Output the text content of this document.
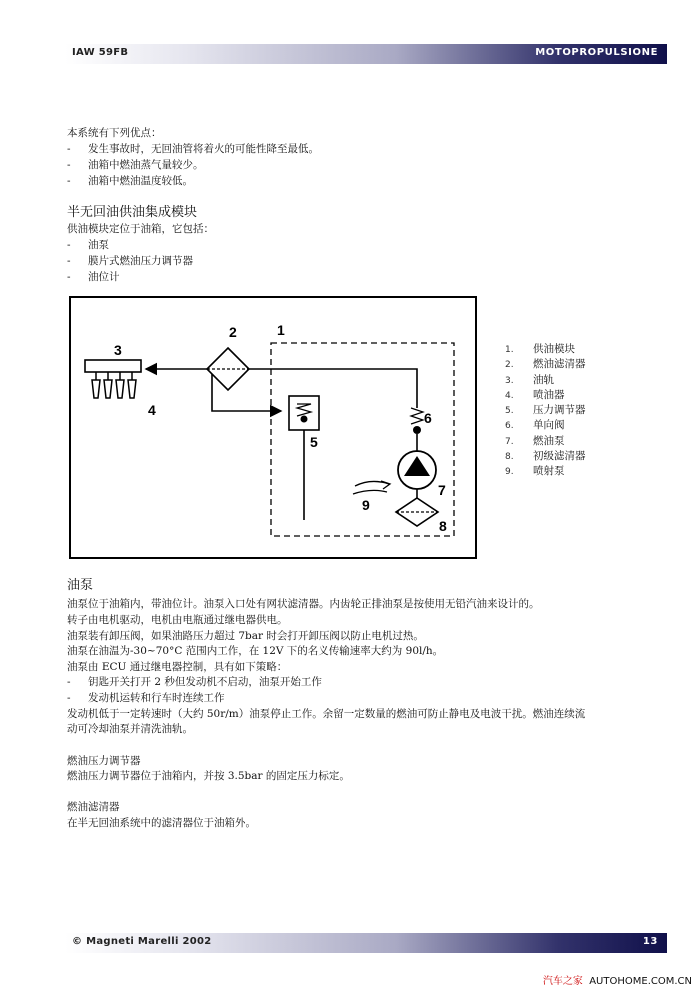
IAW 59FB	MOTOPROPULSIONE
本系统有下列优点：
- 发生事故时，无回油管将着火的可能性降至最低。
- 油箱中燃油蒸气量较少。
- 油箱中燃油温度较低。
半无回油供油集成模块
供油模块定位于油箱，它包括：
- 油泵
- 膜片式燃油压力调节器
- 油位计
3
4
2	1
5
6
7
8
9
1. 供油模块
2. 燃油滤清器
3. 油轨
4. 喷油器
5. 压力调节器
6. 单向阀
7. 燃油泵
8. 初级滤清器
9. 喷射泵
油泵
油泵位于油箱内，带油位计。油泵入口处有网状滤清器。内齿轮正排油泵是按使用无铅汽油来设计的。
转子由电机驱动，电机由电瓶通过继电器供电。
油泵装有卸压阀，如果油路压力超过 7bar 时会打开卸压阀以防止电机过热。
油泵在油温为-30~70°C 范围内工作，在 12V 下的名义传输速率大约为 90l/h。
油泵由 ECU 通过继电器控制，具有如下策略：
- 钥匙开关打开 2 秒但发动机不启动，油泵开始工作
- 发动机运转和行车时连续工作
发动机低于一定转速时（大约 50r/m）油泵停止工作。余留一定数量的燃油可防止静电及电波干扰。燃油连续流
动可冷却油泵并清洗油轨。
燃油压力调节器
燃油压力调节器位于油箱内，并按 3.5bar 的固定压力标定。
燃油滤清器
在半无回油系统中的滤清器位于油箱外。
© Magneti Marelli 2002	13
汽车之家 AUTOHOME.COM.CN
